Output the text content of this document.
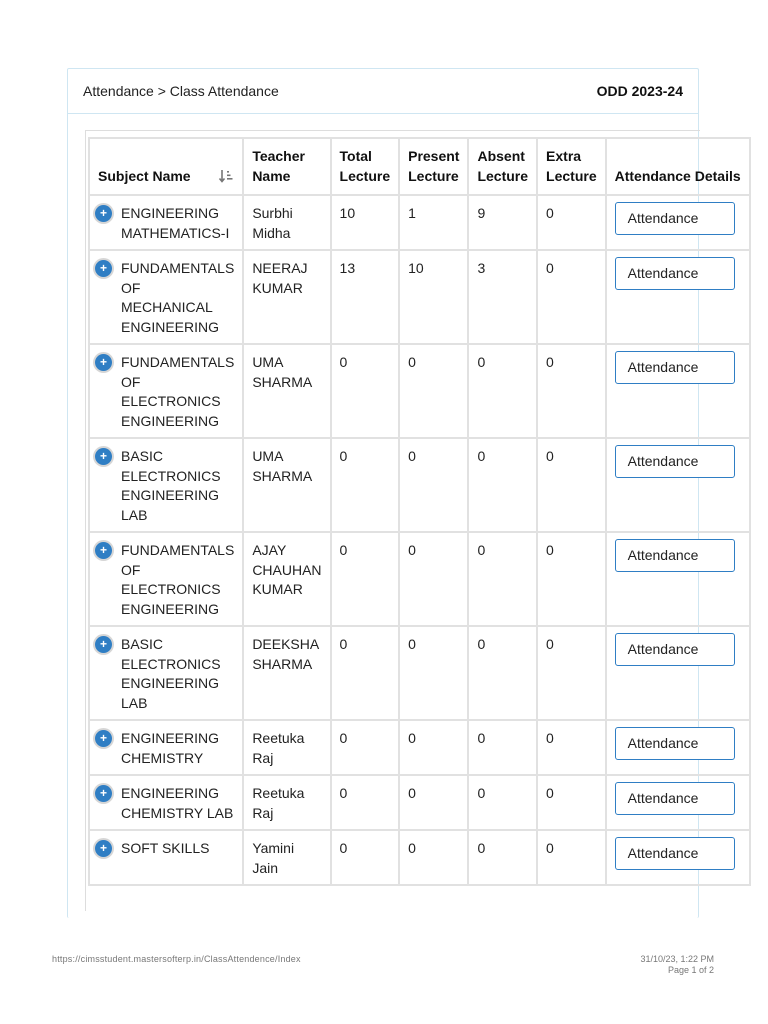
Attendance > Class Attendance	ODD 2023-24
Subject Name	Teacher Name	Total Lecture	Present Lecture	Absent Lecture	Extra Lecture	Attendance Details

+ ENGINEERING MATHEMATICS-I	Surbhi Midha	10	1	9	0	Attendance

+ FUNDAMENTALS OF MECHANICAL ENGINEERING	NEERAJ KUMAR	13	10	3	0	Attendance

+ FUNDAMENTALS OF ELECTRONICS ENGINEERING	UMA SHARMA	0	0	0	0	Attendance

+ BASIC ELECTRONICS ENGINEERING LAB	UMA SHARMA	0	0	0	0	Attendance

+ FUNDAMENTALS OF ELECTRONICS ENGINEERING	AJAY CHAUHAN KUMAR	0	0	0	0	Attendance

+ BASIC ELECTRONICS ENGINEERING LAB	DEEKSHA SHARMA	0	0	0	0	Attendance

+ ENGINEERING CHEMISTRY	Reetuka Raj	0	0	0	0	Attendance

+ ENGINEERING CHEMISTRY LAB	Reetuka Raj	0	0	0	0	Attendance

+ SOFT SKILLS	Yamini Jain	0	0	0	0	Attendance
https://cimsstudent.mastersofterp.in/ClassAttendence/Index	31/10/23, 1:22 PM
Page 1 of 2
